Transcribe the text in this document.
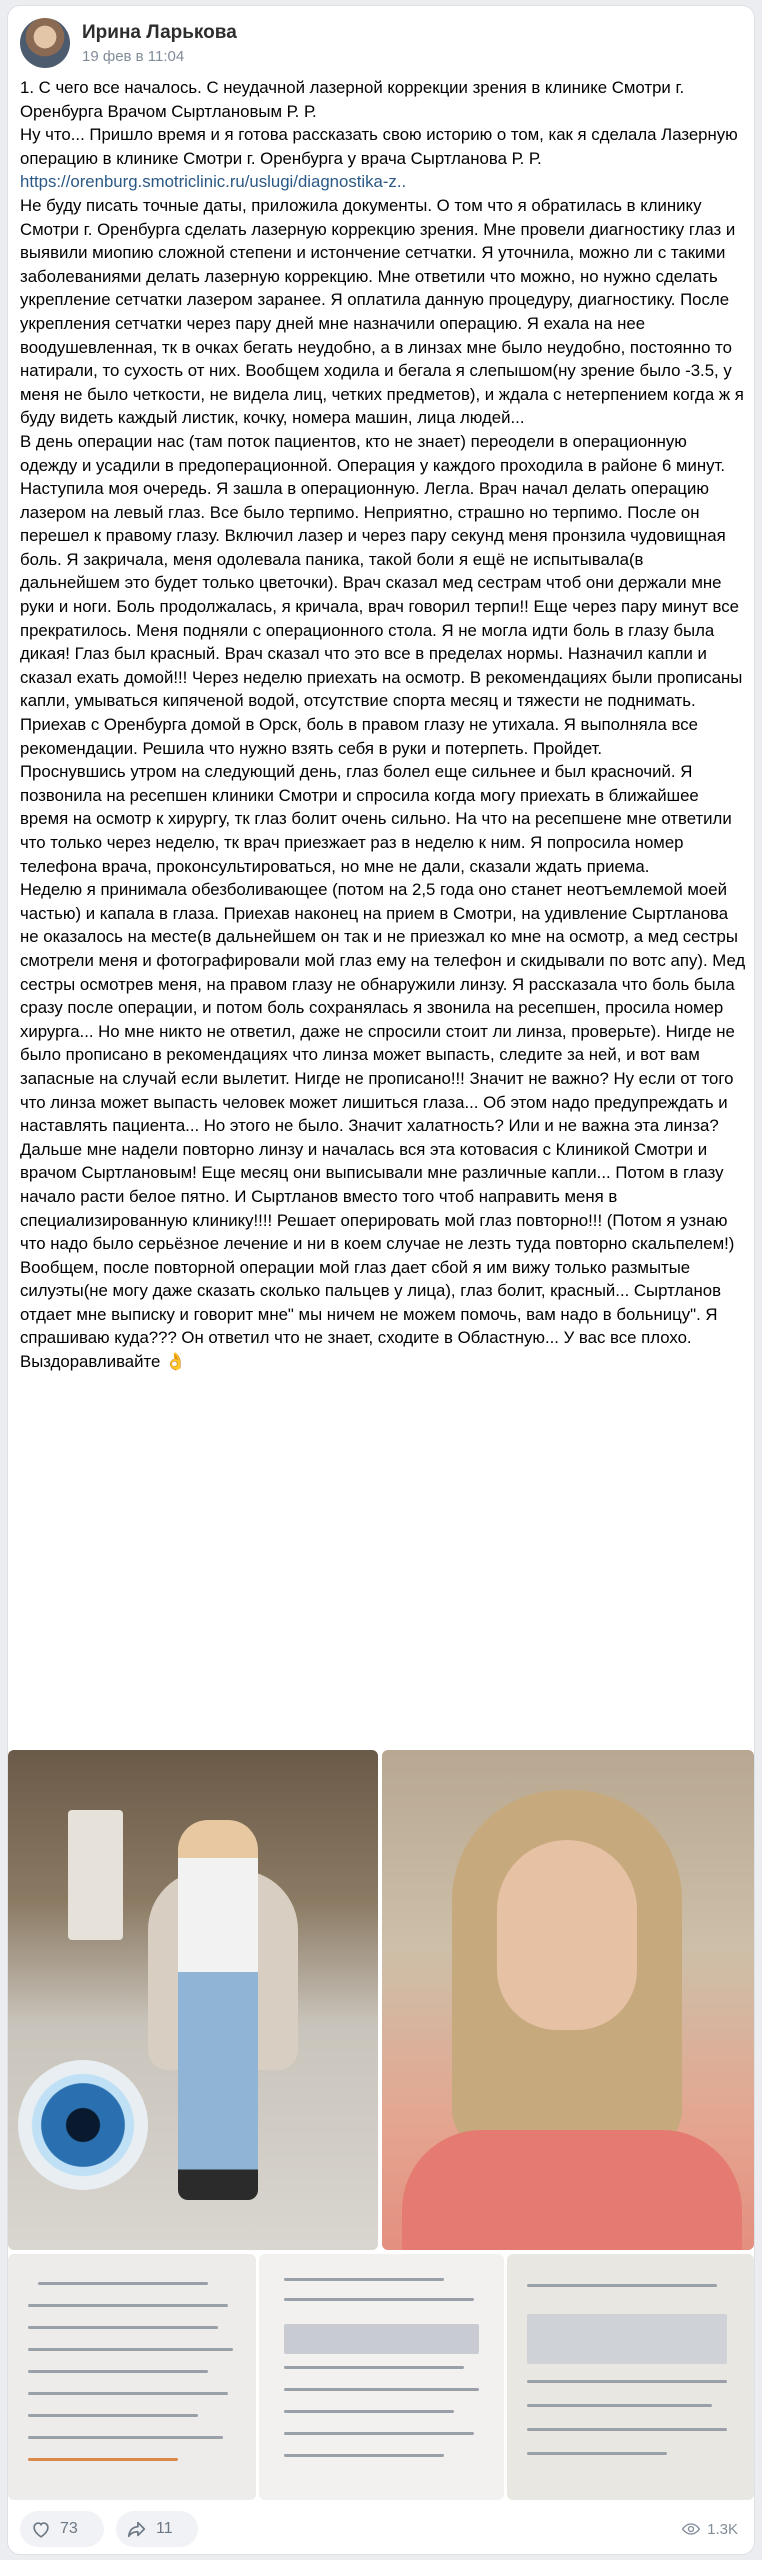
Ирина Ларькова
19 фев в 11:04

1. С чего все началось. С неудачной лазерной коррекции зрения в клинике Смотри г. Оренбурга Врачом Сыртлановым Р. Р.

Ну что... Пришло время и я готова рассказать свою историю о том, как я сделала Лазерную операцию в клинике Смотри г. Оренбурга у врача Сыртланова Р. Р. https://orenburg.smotriclinic.ru/uslugi/diagnostika-z..

Не буду писать точные даты, приложила документы. О том что я обратилась в клинику Смотри г. Оренбурга сделать лазерную коррекцию зрения. Мне провели диагностику глаз и выявили миопию сложной степени и истончение сетчатки. Я уточнила, можно ли с такими заболеваниями делать лазерную коррекцию. Мне ответили что можно, но нужно сделать укрепление сетчатки лазером заранее. Я оплатила данную процедуру, диагностику. После укрепления сетчатки через пару дней мне назначили операцию. Я ехала на нее воодушевленная, тк в очках бегать неудобно, а в линзах мне было неудобно, постоянно то натирали, то сухость от них. Вообщем ходила и бегала я слепышом(ну зрение было -3.5, у меня не было четкости, не видела лиц, четких предметов), и ждала с нетерпением когда ж я буду видеть каждый листик, кочку, номера машин, лица людей...

В день операции нас (там поток пациентов, кто не знает) переодели в операционную одежду и усадили в предоперационной. Операция у каждого проходила в районе 6 минут. Наступила моя очередь. Я зашла в операционную. Легла. Врач начал делать операцию лазером на левый глаз. Все было терпимо. Неприятно, страшно но терпимо. После он перешел к правому глазу. Включил лазер и через пару секунд меня пронзила чудовищная боль. Я закричала, меня одолевала паника, такой боли я ещё не испытывала(в дальнейшем это будет только цветочки). Врач сказал мед сестрам чтоб они держали мне руки и ноги. Боль продолжалась, я кричала, врач говорил терпи!! Еще через пару минут все прекратилось. Меня подняли с операционного стола. Я не могла идти боль в глазу была дикая! Глаз был красный. Врач сказал что это все в пределах нормы. Назначил капли и сказал ехать домой!!! Через неделю приехать на осмотр. В рекомендациях были прописаны капли, умываться кипяченой водой, отсутствие спорта месяц и тяжести не поднимать.

Приехав с Оренбурга домой в Орск, боль в правом глазу не утихала. Я выполняла все рекомендации. Решила что нужно взять себя в руки и потерпеть. Пройдет.

Проснувшись утром на следующий день, глаз болел еще сильнее и был красночий. Я позвонила на ресепшен клиники Смотри и спросила когда могу приехать в ближайшее время на осмотр к хирургу, тк глаз болит очень сильно. На что на ресепшене мне ответили что только через неделю, тк врач приезжает раз в неделю к ним. Я попросила номер телефона врача, проконсультироваться, но мне не дали, сказали ждать приема.

Неделю я принимала обезболивающее (потом на 2,5 года оно станет неотъемлемой моей частью) и капала в глаза. Приехав наконец на прием в Смотри, на удивление Сыртланова не оказалось на месте(в дальнейшем он так и не приезжал ко мне на осмотр, а мед сестры смотрели меня и фотографировали мой глаз ему на телефон и скидывали по вотс апу). Мед сестры осмотрев меня, на правом глазу не обнаружили линзу. Я рассказала что боль была сразу после операции, и потом боль сохранялась я звонила на ресепшен, просила номер хирурга... Но мне никто не ответил, даже не спросили стоит ли линза, проверьте). Нигде не было прописано в рекомендациях что линза может выпасть, следите за ней, и вот вам запасные на случай если вылетит. Нигде не прописано!!! Значит не важно? Ну если от того что линза может выпасть человек может лишиться глаза... Об этом надо предупреждать и наставлять пациента... Но этого не было. Значит халатность? Или и не важна эта линза?

Дальше мне надели повторно линзу и началась вся эта котовасия с Клиникой Смотри и врачом Сыртлановым! Еще месяц они выписывали мне различные капли... Потом в глазу начало расти белое пятно. И Сыртланов вместо того чтоб направить меня в специализированную клинику!!!! Решает оперировать мой глаз повторно!!! (Потом я узнаю что надо было серьёзное лечение и ни в коем случае не лезть туда повторно скальпелем!) Вообщем, после повторной операции мой глаз дает сбой я им вижу только размытые силуэты(не могу даже сказать сколько пальцев у лица), глаз болит, красный... Сыртланов отдает мне выписку и говорит мне" мы ничем не можем помочь, вам надо в больницу". Я спрашиваю куда??? Он ответил что не знает, сходите в Областную... У вас все плохо. Выздоравливайте 👌

73	11	1.3K
